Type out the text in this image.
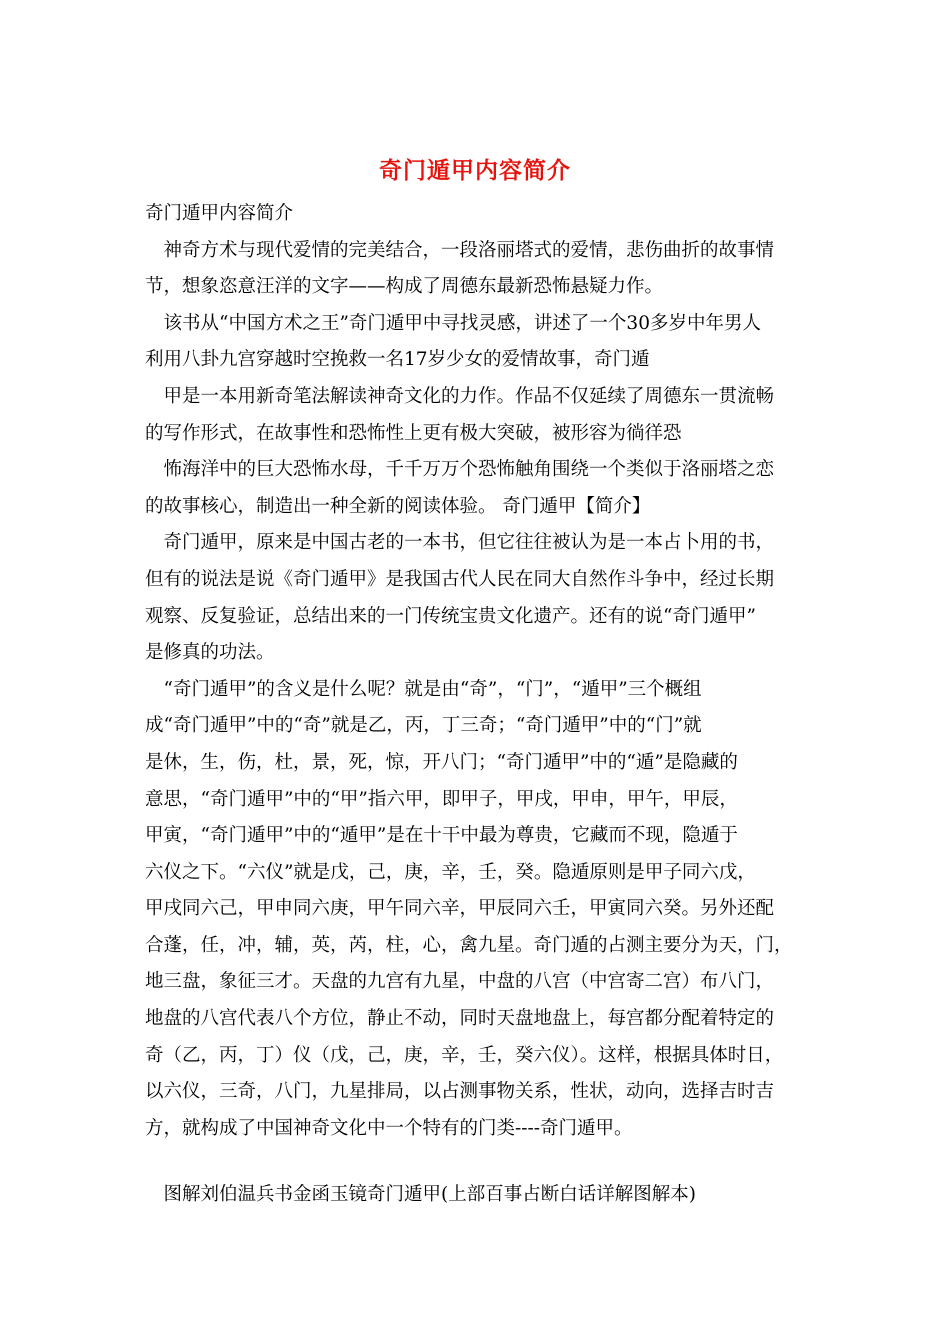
奇门遁甲内容简介
奇门遁甲内容简介
　神奇方术与现代爱情的完美结合，一段洛丽塔式的爱情，悲伤曲折的故事情
节，想象恣意汪洋的文字——构成了周德东最新恐怖悬疑力作。
　该书从“中国方术之王”奇门遁甲中寻找灵感，讲述了一个30多岁中年男人
利用八卦九宫穿越时空挽救一名17岁少女的爱情故事，奇门遁
　甲是一本用新奇笔法解读神奇文化的力作。作品不仅延续了周德东一贯流畅
的写作形式，在故事性和恐怖性上更有极大突破，被形容为徜徉恐
　怖海洋中的巨大恐怖水母，千千万万个恐怖触角围绕一个类似于洛丽塔之恋
的故事核心，制造出一种全新的阅读体验。 奇门遁甲【简介】
　奇门遁甲，原来是中国古老的一本书，但它往往被认为是一本占卜用的书，
但有的说法是说《奇门遁甲》是我国古代人民在同大自然作斗争中，经过长期
观察、反复验证，总结出来的一门传统宝贵文化遗产。还有的说“奇门遁甲”
是修真的功法。
　“奇门遁甲”的含义是什么呢？就是由“奇”，“门”，“遁甲”三个概组
成“奇门遁甲”中的“奇”就是乙，丙，丁三奇；“奇门遁甲”中的“门”就
是休，生，伤，杜，景，死，惊，开八门；“奇门遁甲”中的“遁”是隐藏的
意思，“奇门遁甲”中的“甲”指六甲，即甲子，甲戌，甲申，甲午，甲辰，
甲寅，“奇门遁甲”中的“遁甲”是在十干中最为尊贵，它藏而不现，隐遁于
六仪之下。“六仪”就是戊，己，庚，辛，壬，癸。隐遁原则是甲子同六戊，
甲戌同六己，甲申同六庚，甲午同六辛，甲辰同六壬，甲寅同六癸。另外还配
合蓬，任，冲，辅，英，芮，柱，心，禽九星。奇门遁的占测主要分为天，门，
地三盘，象征三才。天盘的九宫有九星，中盘的八宫（中宫寄二宫）布八门，
地盘的八宫代表八个方位，静止不动，同时天盘地盘上，每宫都分配着特定的
奇（乙，丙，丁）仪（戊，己，庚，辛，壬，癸六仪）。这样，根据具体时日，
以六仪，三奇，八门，九星排局，以占测事物关系，性状，动向，选择吉时吉
方，就构成了中国神奇文化中一个特有的门类----奇门遁甲。
　图解刘伯温兵书金函玉镜奇门遁甲(上部百事占断白话详解图解本)
